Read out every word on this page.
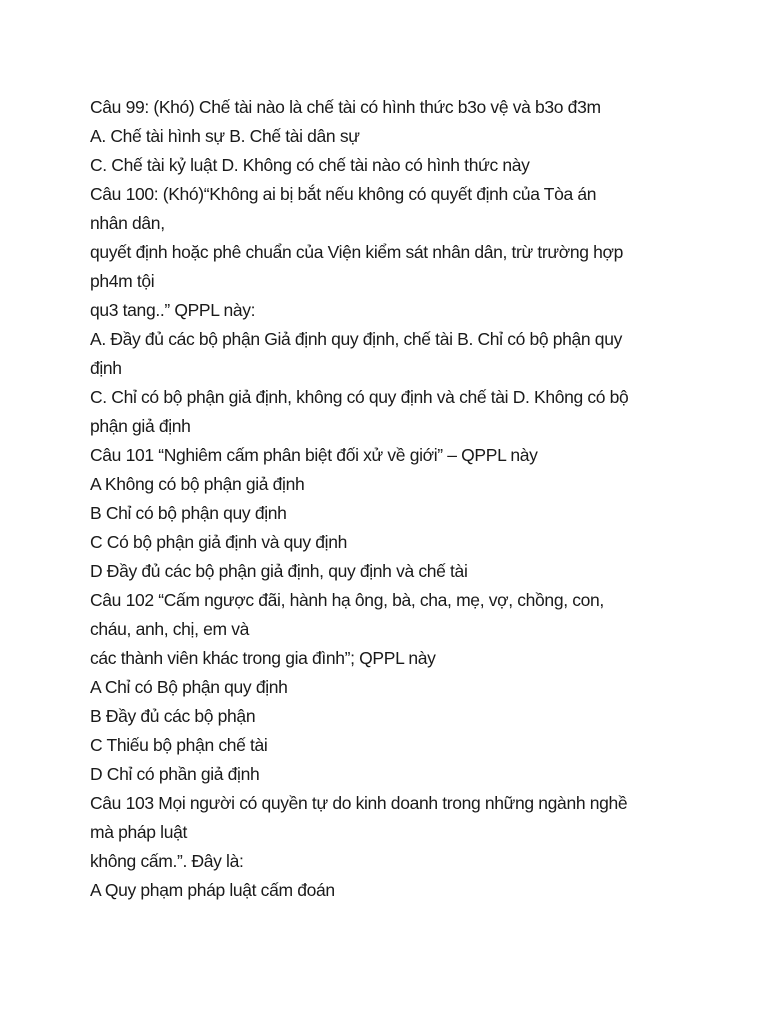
Câu 99: (Khó) Chế tài nào là chế tài có hình thức b3o vệ và b3o đ3m
A. Chế tài hình sự B. Chế tài dân sự
C. Chế tài kỷ luật D. Không có chế tài nào có hình thức này
Câu 100: (Khó)“Không ai bị bắt nếu không có quyết định của Tòa án
nhân dân,
quyết định hoặc phê chuẩn của Viện kiểm sát nhân dân, trừ trường hợp
ph4m tội
qu3 tang..” QPPL này:
A. Đầy đủ các bộ phận Giả định quy định, chế tài B. Chỉ có bộ phận quy
định
C. Chỉ có bộ phận giả định, không có quy định và chế tài D. Không có bộ
phận giả định
Câu 101 “Nghiêm cấm phân biệt đối xử về giới” – QPPL này
A Không có bộ phận giả định
B Chỉ có bộ phận quy định
C Có bộ phận giả định và quy định
D Đầy đủ các bộ phận giả định, quy định và chế tài
Câu 102 “Cấm ngược đãi, hành hạ ông, bà, cha, mẹ, vợ, chồng, con,
cháu, anh, chị, em và
các thành viên khác trong gia đình”; QPPL này
A Chỉ có Bộ phận quy định
B Đầy đủ các bộ phận
C Thiếu bộ phận chế tài
D Chỉ có phần giả định
Câu 103 Mọi người có quyền tự do kinh doanh trong những ngành nghề
mà pháp luật
không cấm.”. Đây là:
A Quy phạm pháp luật cấm đoán
